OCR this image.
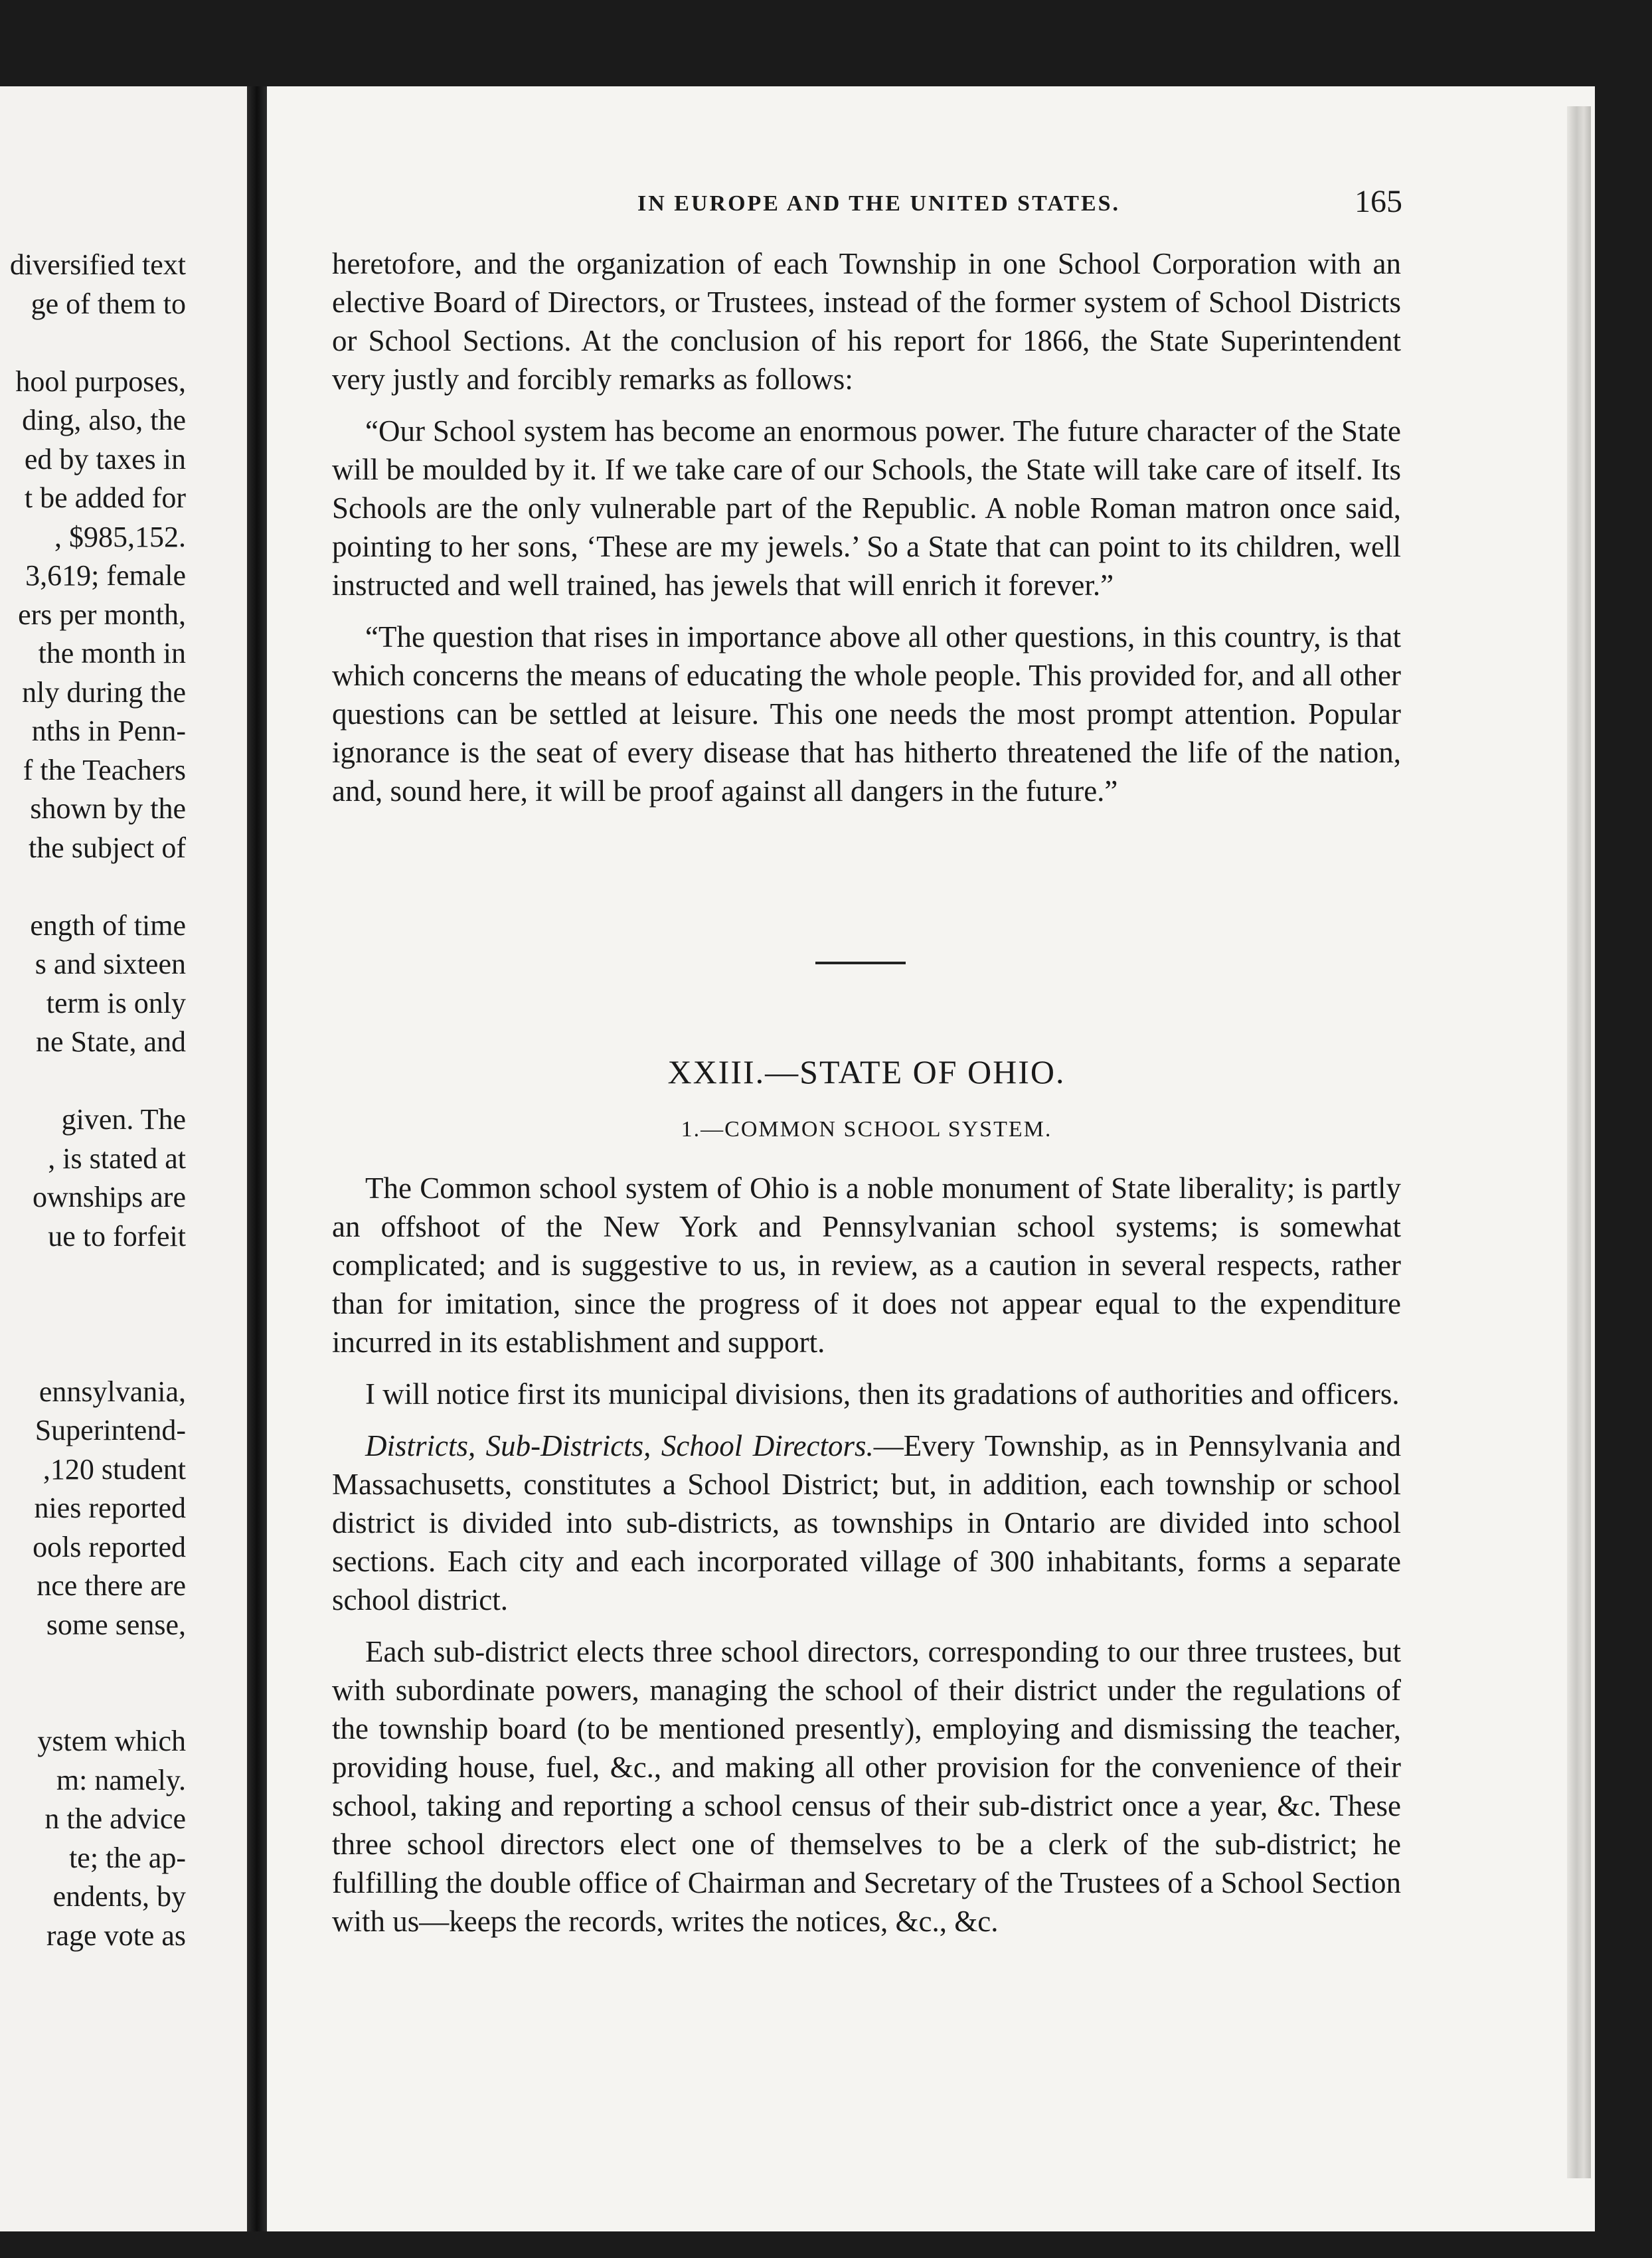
diversified text
ge of them to
hool purposes,
ding, also, the
ed by taxes in
t be added for
, $985,152.
3,619; female
ers per month,
the month in
nly during the
nths in Penn-
f the Teachers
shown by the
the subject of
ength of time
s and sixteen
term is only
ne State, and
given. The
, is stated at
ownships are
ue to forfeit
ennsylvania,
Superintend-
,120 student
nies reported
ools reported
nce there are
some sense,
ystem which
m: namely.
n the advice
te; the ap-
endents, by
rage vote as
IN EUROPE AND THE UNITED STATES.	165

heretofore, and the organization of each Township in one School Corporation with an elective Board of Directors, or Trustees, instead of the former system of School Districts or School Sections. At the conclusion of his report for 1866, the State Superintendent very justly and forcibly remarks as follows:

“Our School system has become an enormous power. The future character of the State will be moulded by it. If we take care of our Schools, the State will take care of itself. Its Schools are the only vulnerable part of the Republic. A noble Roman matron once said, pointing to her sons, ‘These are my jewels.’ So a State that can point to its children, well instructed and well trained, has jewels that will enrich it forever.”

“The question that rises in importance above all other questions, in this country, is that which concerns the means of educating the whole people. This provided for, and all other questions can be settled at leisure. This one needs the most prompt attention. Popular ignorance is the seat of every disease that has hitherto threatened the life of the nation, and, sound here, it will be proof against all dangers in the future.”

XXIII.—STATE OF OHIO.
1.—COMMON SCHOOL SYSTEM.

The Common school system of Ohio is a noble monument of State liberality; is partly an offshoot of the New York and Pennsylvanian school systems; is somewhat complicated; and is suggestive to us, in review, as a caution in several respects, rather than for imitation, since the progress of it does not appear equal to the expenditure incurred in its establishment and support.

I will notice first its municipal divisions, then its gradations of authorities and officers.

Districts, Sub-Districts, School Directors.—Every Township, as in Pennsylvania and Massachusetts, constitutes a School District; but, in addition, each township or school district is divided into sub-districts, as townships in Ontario are divided into school sections. Each city and each incorporated village of 300 inhabitants, forms a separate school district.

Each sub-district elects three school directors, corresponding to our three trustees, but with subordinate powers, managing the school of their district under the regulations of the township board (to be mentioned presently), employing and dismissing the teacher, providing house, fuel, &c., and making all other provision for the convenience of their school, taking and reporting a school census of their sub-district once a year, &c. These three school directors elect one of themselves to be a clerk of the sub-district; he fulfilling the double office of Chairman and Secretary of the Trustees of a School Section with us—keeps the records, writes the notices, &c., &c.
